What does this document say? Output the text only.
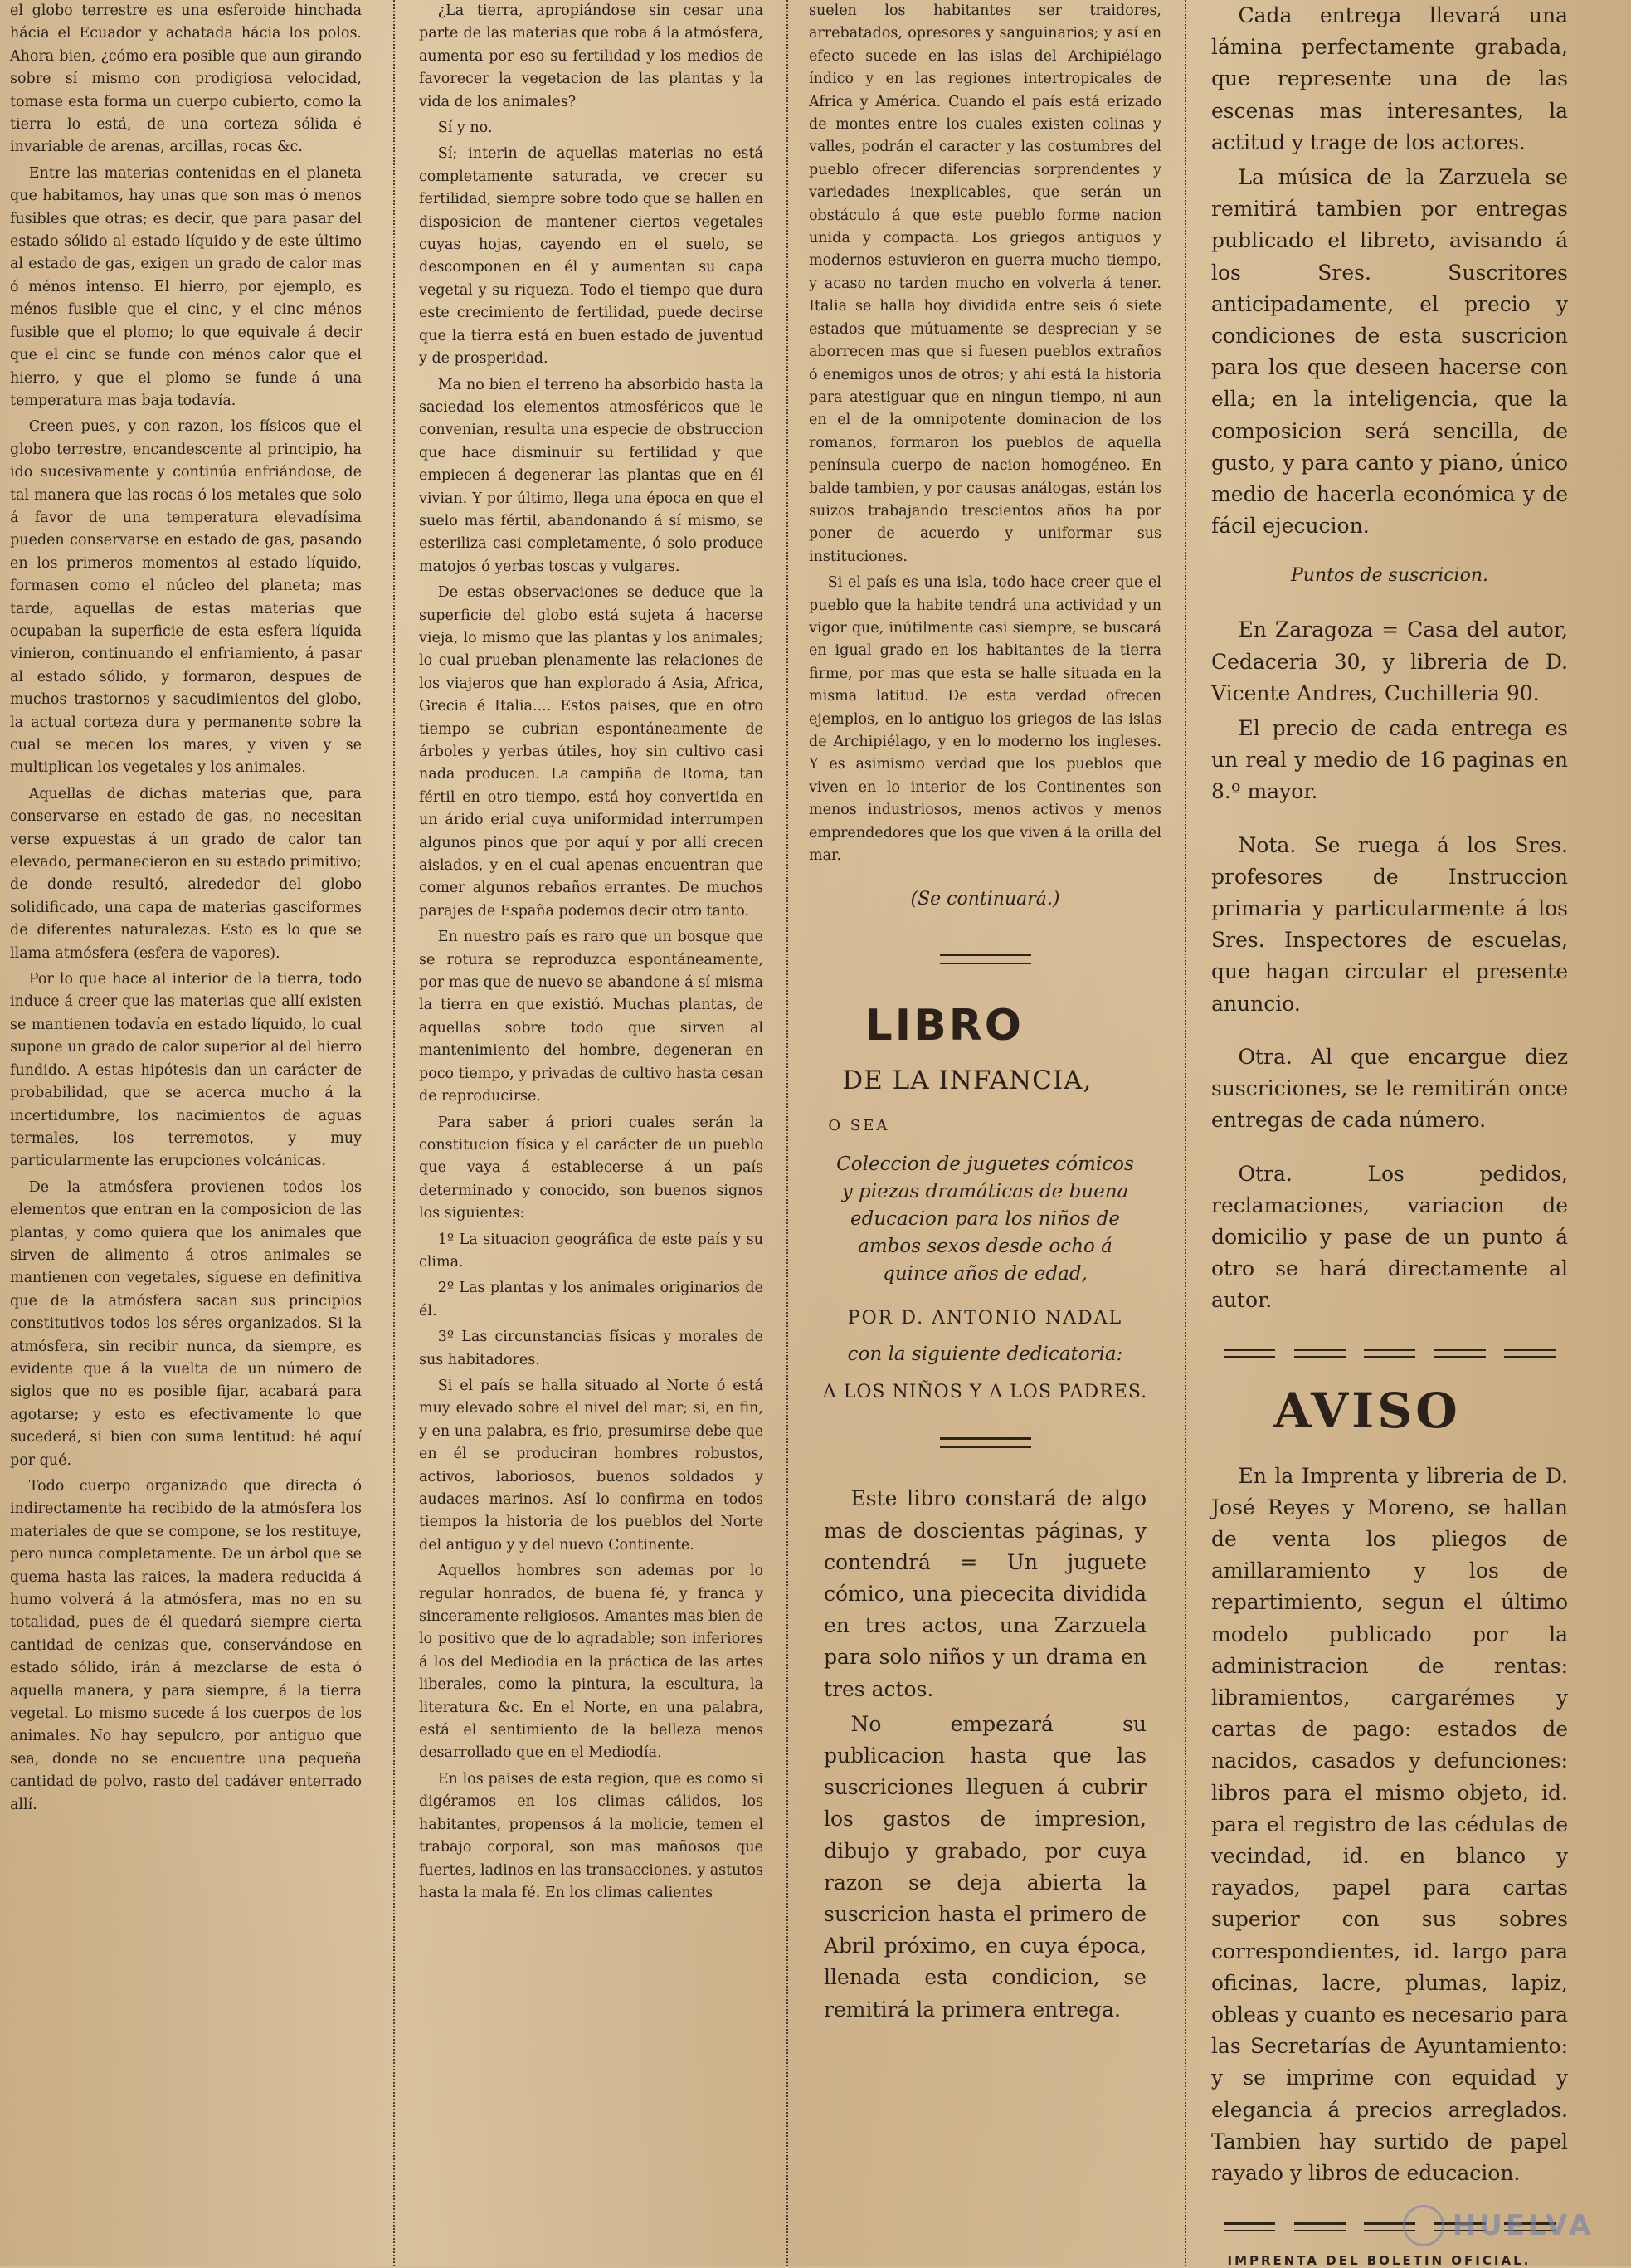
el globo terrestre es una esferoide hinchada hácia el Ecuador y achatada hácia los polos. Ahora bien, ¿cómo era posible que aun girando sobre sí mismo con prodigiosa velocidad, tomase esta forma un cuerpo cubierto, como la tierra lo está, de una corteza sólida é invariable de arenas, arcillas, rocas &c.

Entre las materias contenidas en el planeta que habitamos, hay unas que son mas ó menos fusibles que otras; es decir, que para pasar del estado sólido al estado líquido y de este último al estado de gas, exigen un grado de calor mas ó ménos intenso. El hierro, por ejemplo, es ménos fusible que el cinc, y el cinc ménos fusible que el plomo; lo que equivale á decir que el cinc se funde con ménos calor que el hierro, y que el plomo se funde á una temperatura mas baja todavía.

Creen pues, y con razon, los físicos que el globo terrestre, encandescente al principio, ha ido sucesivamente y continúa enfriándose, de tal manera que las rocas ó los metales que solo á favor de una temperatura elevadísima pueden conservarse en estado de gas, pasando en los primeros momentos al estado líquido, formasen como el núcleo del planeta; mas tarde, aquellas de estas materias que ocupaban la superficie de esta esfera líquida vinieron, continuando el enfriamiento, á pasar al estado sólido, y formaron, despues de muchos trastornos y sacudimientos del globo, la actual corteza dura y permanente sobre la cual se mecen los mares, y viven y se multiplican los vegetales y los animales.

Aquellas de dichas materias que, para conservarse en estado de gas, no necesitan verse expuestas á un grado de calor tan elevado, permanecieron en su estado primitivo; de donde resultó, alrededor del globo solidificado, una capa de materias gasciformes de diferentes naturalezas. Esto es lo que se llama atmósfera (esfera de vapores).

Por lo que hace al interior de la tierra, todo induce á creer que las materias que allí existen se mantienen todavía en estado líquido, lo cual supone un grado de calor superior al del hierro fundido. A estas hipótesis dan un carácter de probabilidad, que se acerca mucho á la incertidumbre, los nacimientos de aguas termales, los terremotos, y muy particularmente las erupciones volcánicas.

De la atmósfera provienen todos los elementos que entran en la composicion de las plantas, y como quiera que los animales que sirven de alimento á otros animales se mantienen con vegetales, síguese en definitiva que de la atmósfera sacan sus principios constitutivos todos los séres organizados. Si la atmósfera, sin recibir nunca, da siempre, es evidente que á la vuelta de un número de siglos que no es posible fijar, acabará para agotarse; y esto es efectivamente lo que sucederá, si bien con suma lentitud: hé aquí por qué.

Todo cuerpo organizado que directa ó indirectamente ha recibido de la atmósfera los materiales de que se compone, se los restituye, pero nunca completamente. De un árbol que se quema hasta las raices, la madera reducida á humo volverá á la atmósfera, mas no en su totalidad, pues de él quedará siempre cierta cantidad de cenizas que, conservándose en estado sólido, irán á mezclarse de esta ó aquella manera, y para siempre, á la tierra vegetal. Lo mismo sucede á los cuerpos de los animales. No hay sepulcro, por antiguo que sea, donde no se encuentre una pequeña cantidad de polvo, rasto del cadáver enterrado allí.

¿La tierra, apropiándose sin cesar una parte de las materias que roba á la atmósfera, aumenta por eso su fertilidad y los medios de favorecer la vegetacion de las plantas y la vida de los animales?

Sí y no.

Sí; interin de aquellas materias no está completamente saturada, ve crecer su fertilidad, siempre sobre todo que se hallen en disposicion de mantener ciertos vegetales cuyas hojas, cayendo en el suelo, se descomponen en él y aumentan su capa vegetal y su riqueza. Todo el tiempo que dura este crecimiento de fertilidad, puede decirse que la tierra está en buen estado de juventud y de prosperidad.

Ma no bien el terreno ha absorbido hasta la saciedad los elementos atmosféricos que le convenian, resulta una especie de obstruccion que hace disminuir su fertilidad y que empiecen á degenerar las plantas que en él vivian. Y por último, llega una época en que el suelo mas fértil, abandonando á sí mismo, se esteriliza casi completamente, ó solo produce matojos ó yerbas toscas y vulgares.

De estas observaciones se deduce que la superficie del globo está sujeta á hacerse vieja, lo mismo que las plantas y los animales; lo cual prueban plenamente las relaciones de los viajeros que han explorado á Asia, Africa, Grecia é Italia.... Estos paises, que en otro tiempo se cubrian espontáneamente de árboles y yerbas útiles, hoy sin cultivo casi nada producen. La campiña de Roma, tan fértil en otro tiempo, está hoy convertida en un árido erial cuya uniformidad interrumpen algunos pinos que por aquí y por allí crecen aislados, y en el cual apenas encuentran que comer algunos rebaños errantes. De muchos parajes de España podemos decir otro tanto.

En nuestro país es raro que un bosque que se rotura se reproduzca espontáneamente, por mas que de nuevo se abandone á sí misma la tierra en que existió. Muchas plantas, de aquellas sobre todo que sirven al mantenimiento del hombre, degeneran en poco tiempo, y privadas de cultivo hasta cesan de reproducirse.

Para saber á priori cuales serán la constitucion física y el carácter de un pueblo que vaya á establecerse á un país determinado y conocido, son buenos signos los siguientes:

1º La situacion geográfica de este país y su clima.

2º Las plantas y los animales originarios de él.

3º Las circunstancias físicas y morales de sus habitadores.

Si el país se halla situado al Norte ó está muy elevado sobre el nivel del mar; si, en fin, y en una palabra, es frio, presumirse debe que en él se produciran hombres robustos, activos, laboriosos, buenos soldados y audaces marinos. Así lo confirma en todos tiempos la historia de los pueblos del Norte del antiguo y y del nuevo Continente.

Aquellos hombres son ademas por lo regular honrados, de buena fé, y franca y sinceramente religiosos. Amantes mas bien de lo positivo que de lo agradable; son inferiores á los del Mediodia en la práctica de las artes liberales, como la pintura, la escultura, la literatura &c. En el Norte, en una palabra, está el sentimiento de la belleza menos desarrollado que en el Mediodía.

En los paises de esta region, que es como si digéramos en los climas cálidos, los habitantes, propensos á la molicie, temen el trabajo corporal, son mas mañosos que fuertes, ladinos en las transacciones, y astutos hasta la mala fé. En los climas calientes

suelen los habitantes ser traidores, arrebatados, opresores y sanguinarios; y así en efecto sucede en las islas del Archipiélago índico y en las regiones intertropicales de Africa y América. Cuando el país está erizado de montes entre los cuales existen colinas y valles, podrán el caracter y las costumbres del pueblo ofrecer diferencias sorprendentes y variedades inexplicables, que serán un obstáculo á que este pueblo forme nacion unida y compacta. Los griegos antiguos y modernos estuvieron en guerra mucho tiempo, y acaso no tarden mucho en volverla á tener. Italia se halla hoy dividida entre seis ó siete estados que mútuamente se desprecian y se aborrecen mas que si fuesen pueblos extraños ó enemigos unos de otros; y ahí está la historia para atestiguar que en ningun tiempo, ni aun en el de la omnipotente dominacion de los romanos, formaron los pueblos de aquella península cuerpo de nacion homogéneo. En balde tambien, y por causas análogas, están los suizos trabajando trescientos años ha por poner de acuerdo y uniformar sus instituciones.

Si el país es una isla, todo hace creer que el pueblo que la habite tendrá una actividad y un vigor que, inútilmente casi siempre, se buscará en igual grado en los habitantes de la tierra firme, por mas que esta se halle situada en la misma latitud. De esta verdad ofrecen ejemplos, en lo antiguo los griegos de las islas de Archipiélago, y en lo moderno los ingleses. Y es asimismo verdad que los pueblos que viven en lo interior de los Continentes son menos industriosos, menos activos y menos emprendedores que los que viven á la orilla del mar.

(Se continuará.)

LIBRO

DE LA INFANCIA,

O SEA

Coleccion de juguetes cómicos y piezas dramáticas de buena educacion para los niños de ambos sexos desde ocho á quince años de edad,

POR D. ANTONIO NADAL

con la siguiente dedicatoria:

A LOS NIÑOS Y A LOS PADRES.

Este libro constará de algo mas de doscientas páginas, y contendrá = Un juguete cómico, una piececita dividida en tres actos, una Zarzuela para solo niños y un drama en tres actos.

No empezará su publicacion hasta que las suscriciones lleguen á cubrir los gastos de impresion, dibujo y grabado, por cuya razon se deja abierta la suscricion hasta el primero de Abril próximo, en cuya época, llenada esta condicion, se remitirá la primera entrega.

Cada entrega llevará una lámina perfectamente grabada, que represente una de las escenas mas interesantes, la actitud y trage de los actores.

La música de la Zarzuela se remitirá tambien por entregas publicado el libreto, avisando á los Sres. Suscritores anticipadamente, el precio y condiciones de esta suscricion para los que deseen hacerse con ella; en la inteligencia, que la composicion será sencilla, de gusto, y para canto y piano, único medio de hacerla económica y de fácil ejecucion.

Puntos de suscricion.

En Zaragoza = Casa del autor, Cedaceria 30, y libreria de D. Vicente Andres, Cuchilleria 90.

El precio de cada entrega es un real y medio de 16 paginas en 8.º mayor.

Nota. Se ruega á los Sres. profesores de Instruccion primaria y particularmente á los Sres. Inspectores de escuelas, que hagan circular el presente anuncio.

Otra. Al que encargue diez suscriciones, se le remitirán once entregas de cada número.

Otra. Los pedidos, reclamaciones, variacion de domicilio y pase de un punto á otro se hará directamente al autor.

AVISO

En la Imprenta y libreria de D. José Reyes y Moreno, se hallan de venta los pliegos de amillaramiento y los de repartimiento, segun el último modelo publicado por la administracion de rentas: libramientos, cargarémes y cartas de pago: estados de nacidos, casados y defunciones: libros para el mismo objeto, id. para el registro de las cédulas de vecindad, id. en blanco y rayados, papel para cartas superior con sus sobres correspondientes, id. largo para oficinas, lacre, plumas, lapiz, obleas y cuanto es necesario para las Secretarías de Ayuntamiento: y se imprime con equidad y elegancia á precios arreglados. Tambien hay surtido de papel rayado y libros de educacion.

IMPRENTA DEL BOLETIN OFICIAL.

HUELVA
